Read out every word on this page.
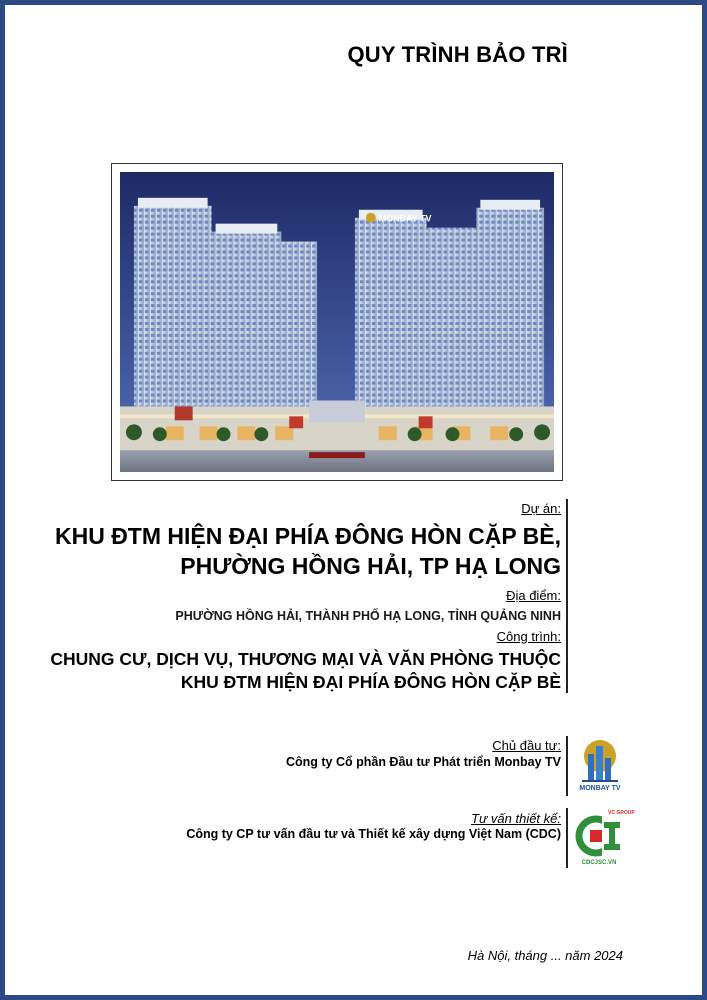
QUY TRÌNH BẢO TRÌ
MONBAY TV
Dự án:
KHU ĐTM HIỆN ĐẠI PHÍA ĐÔNG HÒN CẶP BÈ, PHƯỜNG HỒNG HẢI, TP HẠ LONG
Địa điểm:
PHƯỜNG HỒNG HẢI, THÀNH PHỐ HẠ LONG, TỈNH QUẢNG NINH
Công trình:
CHUNG CƯ, DỊCH VỤ, THƯƠNG MẠI VÀ VĂN PHÒNG THUỘC KHU ĐTM HIỆN ĐẠI PHÍA ĐÔNG HÒN CẶP BÈ
Chủ đầu tư:
Công ty Cổ phần Đầu tư Phát triển Monbay TV
MONBAY TV
Tư vấn thiết kế:
Công ty CP tư vấn đầu tư và Thiết kế xây dựng Việt Nam (CDC)
VC GROUP
CDCJSC.VN
Hà Nội, tháng ... năm 2024
